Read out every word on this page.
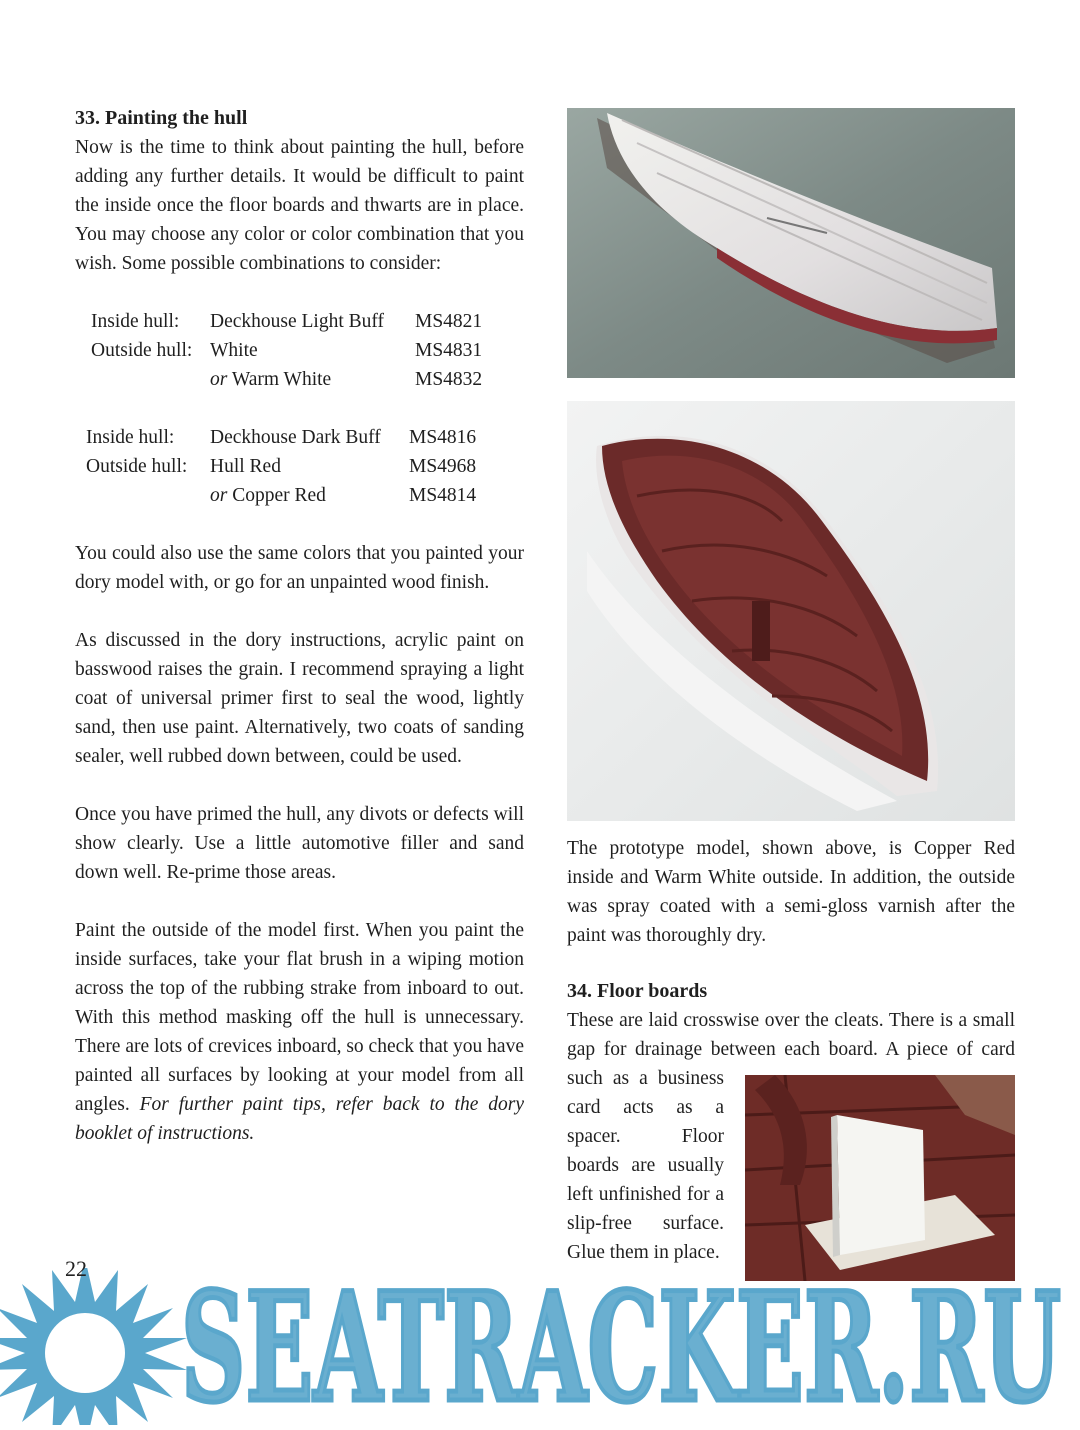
33. Painting the hull

Now is the time to think about painting the hull, before adding any further details. It would be difficult to paint the inside once the floor boards and thwarts are in place. You may choose any color or color combination that you wish. Some possible combinations to consider:

Inside hull:	Deckhouse Light Buff	MS4821
Outside hull:	White	MS4831
	or Warm White	MS4832
Inside hull:	Deckhouse Dark Buff	MS4816
Outside hull:	Hull Red	MS4968
	or Copper Red	MS4814

You could also use the same colors that you painted your dory model with, or go for an unpainted wood finish.

As discussed in the dory instructions, acrylic paint on basswood raises the grain. I recommend spraying a light coat of universal primer first to seal the wood, lightly sand, then use paint. Alternatively, two coats of sanding sealer, well rubbed down between, could be used.

Once you have primed the hull, any divots or defects will show clearly. Use a little automotive filler and sand down well. Re-prime those areas.

Paint the outside of the model first. When you paint the inside surfaces, take your flat brush in a wiping motion across the top of the rubbing strake from inboard to out. With this method masking off the hull is unnecessary. There are lots of crevices inboard, so check that you have painted all surfaces by looking at your model from all angles. For further paint tips, refer back to the dory booklet of instructions.

The prototype model, shown above, is Copper Red inside and Warm White outside. In addition, the outside was spray coated with a semi-gloss varnish after the paint was thoroughly dry.

34. Floor boards

These are laid crosswise over the cleats. There is a small

gap for drainage between each board. A piece of card

such as a business card acts as a spacer. Floor boards are usually left unfinished for a slip-free surface. Glue them in place.

22 SEATRACKER.RU
SEATRACKER.RU
